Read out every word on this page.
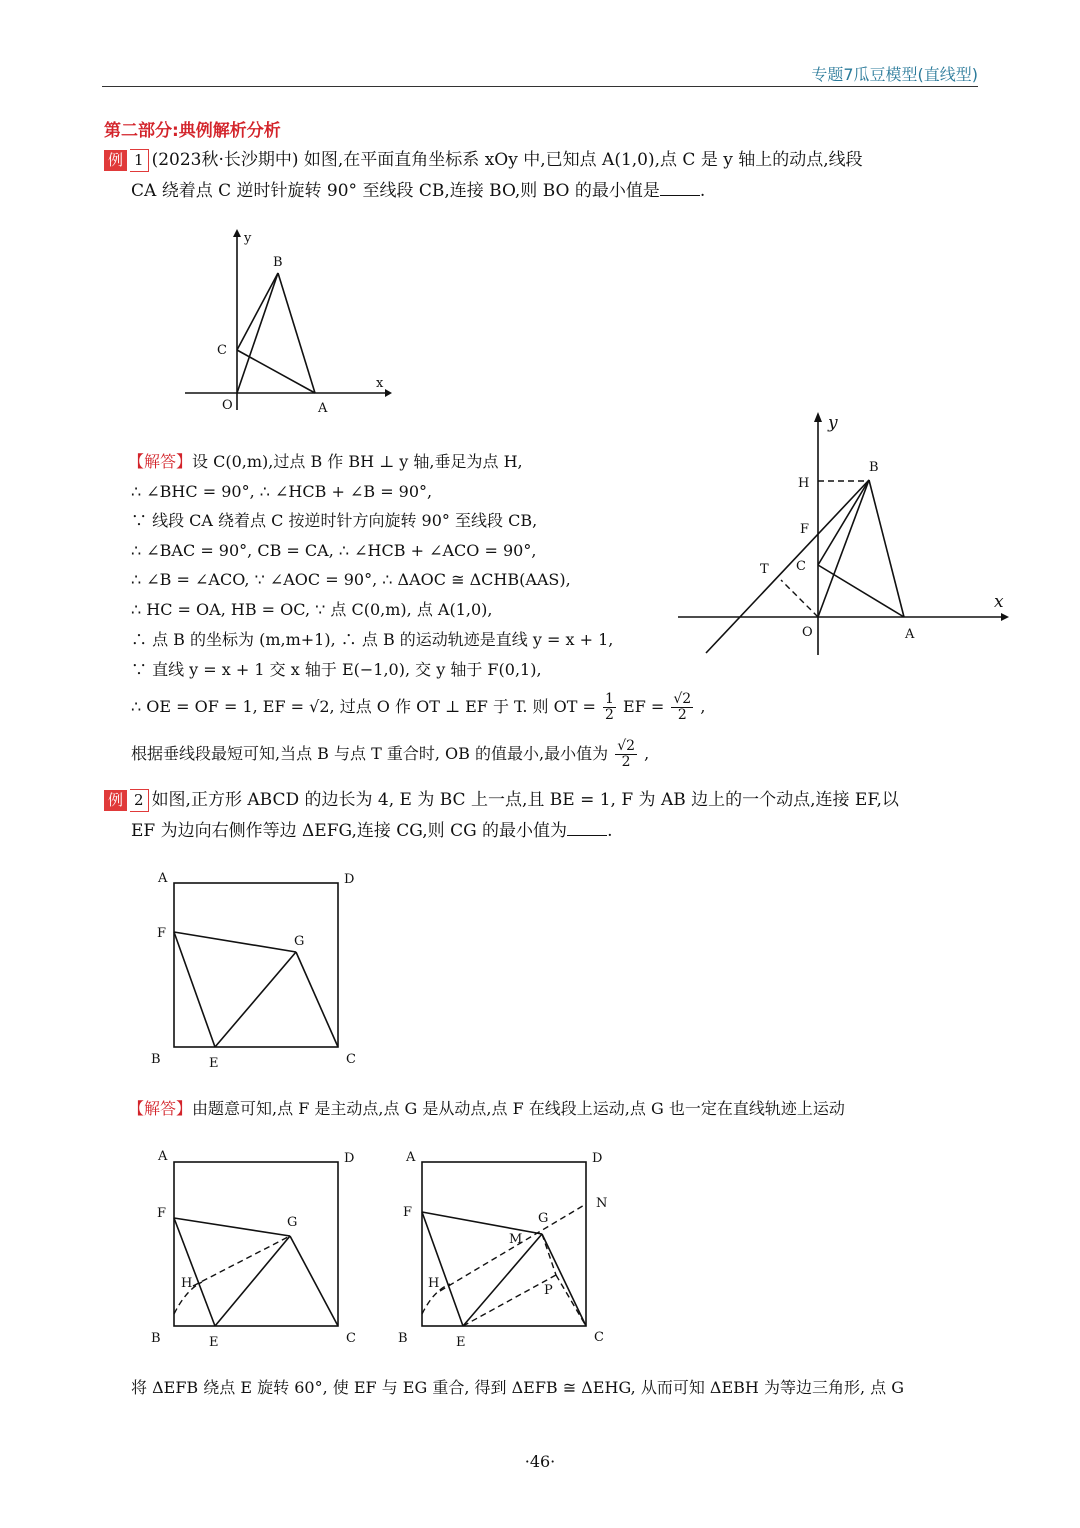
专题7瓜豆模型(直线型)
第二部分:典例解析分析
例 1 (2023秋·长沙期中) 如图,在平面直角坐标系 xOy 中,已知点 A(1,0),点 C 是 y 轴上的动点,线段
CA 绕着点 C 逆时针旋转 90° 至线段 CB,连接 BO,则 BO 的最小值是 .
y
x
B
C
O	A
【解答】设 C(0,m),过点 B 作 BH ⊥ y 轴,垂足为点 H,
∴ ∠BHC = 90°, ∴ ∠HCB + ∠B = 90°,
∵ 线段 CA 绕着点 C 按逆时针方向旋转 90° 至线段 CB,
∴ ∠BAC = 90°, CB = CA, ∴ ∠HCB + ∠ACO = 90°,
∴ ∠B = ∠ACO, ∵ ∠AOC = 90°, ∴ ΔAOC ≅ ΔCHB(AAS),
∴ HC = OA, HB = OC, ∵ 点 C(0,m), 点 A(1,0),
∴ 点 B 的坐标为 (m,m+1), ∴ 点 B 的运动轨迹是直线 y = x + 1,
∵ 直线 y = x + 1 交 x 轴于 E(−1,0), 交 y 轴于 F(0,1),
∴ OE = OF = 1, EF = √2, 过点 O 作 OT ⊥ EF 于 T. 则 OT = $\frac{1}{2}$ EF = $\frac{√2}{2}$ ,
根据垂线段最短可知,当点 B 与点 T 重合时, OB 的值最小,最小值为 $\frac{√2}{2}$ ,
y
x
H
B
F
C
T
O	A
例 2 如图,正方形 ABCD 的边长为 4, E 为 BC 上一点,且 BE = 1, F 为 AB 边上的一个动点,连接 EF,以
EF 为边向右侧作等边 ΔEFG,连接 CG,则 CG 的最小值为 .
A	D
F
G
B	E	C
【解答】由题意可知,点 F 是主动点,点 G 是从动点,点 F 在线段上运动,点 G 也一定在直线轨迹上运动
A	D
F
G
H
B	E	C
A	D
N
F	G
M
H	P
B	E	C
将 ΔEFB 绕点 E 旋转 60°, 使 EF 与 EG 重合, 得到 ΔEFB ≅ ΔEHG, 从而可知 ΔEBH 为等边三角形, 点 G
·46·
